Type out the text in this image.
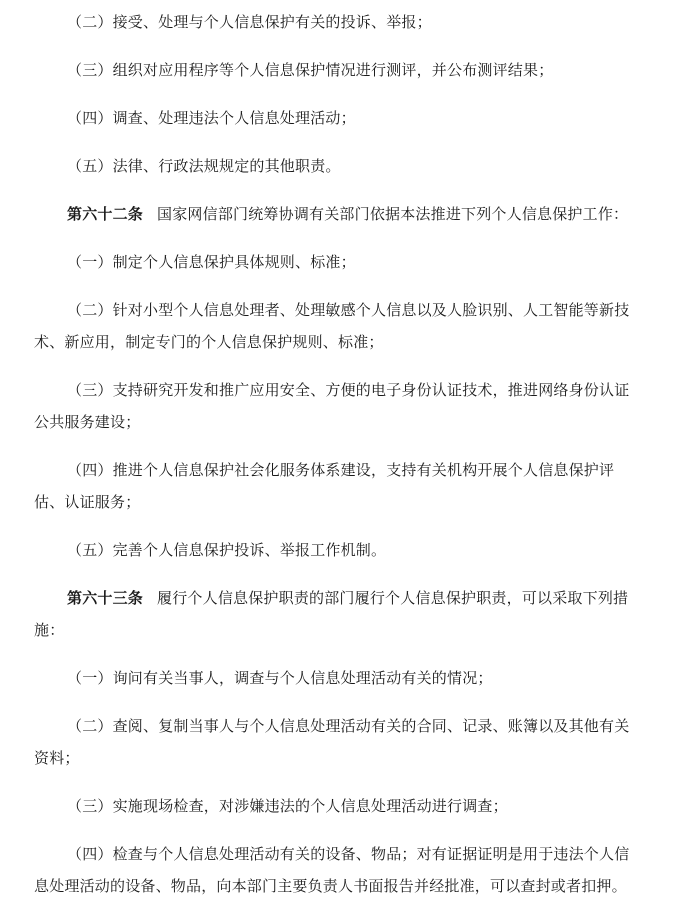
（二）接受、处理与个人信息保护有关的投诉、举报；

（三）组织对应用程序等个人信息保护情况进行测评，并公布测评结果；

（四）调查、处理违法个人信息处理活动；

（五）法律、行政法规规定的其他职责。

第六十二条 国家网信部门统筹协调有关部门依据本法推进下列个人信息保护工作：

（一）制定个人信息保护具体规则、标准；

（二）针对小型个人信息处理者、处理敏感个人信息以及人脸识别、人工智能等新技术、新应用，制定专门的个人信息保护规则、标准；

（三）支持研究开发和推广应用安全、方便的电子身份认证技术，推进网络身份认证公共服务建设；

（四）推进个人信息保护社会化服务体系建设，支持有关机构开展个人信息保护评估、认证服务；

（五）完善个人信息保护投诉、举报工作机制。

第六十三条 履行个人信息保护职责的部门履行个人信息保护职责，可以采取下列措施：

（一）询问有关当事人，调查与个人信息处理活动有关的情况；

（二）查阅、复制当事人与个人信息处理活动有关的合同、记录、账簿以及其他有关资料；

（三）实施现场检查，对涉嫌违法的个人信息处理活动进行调查；

（四）检查与个人信息处理活动有关的设备、物品；对有证据证明是用于违法个人信息处理活动的设备、物品，向本部门主要负责人书面报告并经批准，可以查封或者扣押。
